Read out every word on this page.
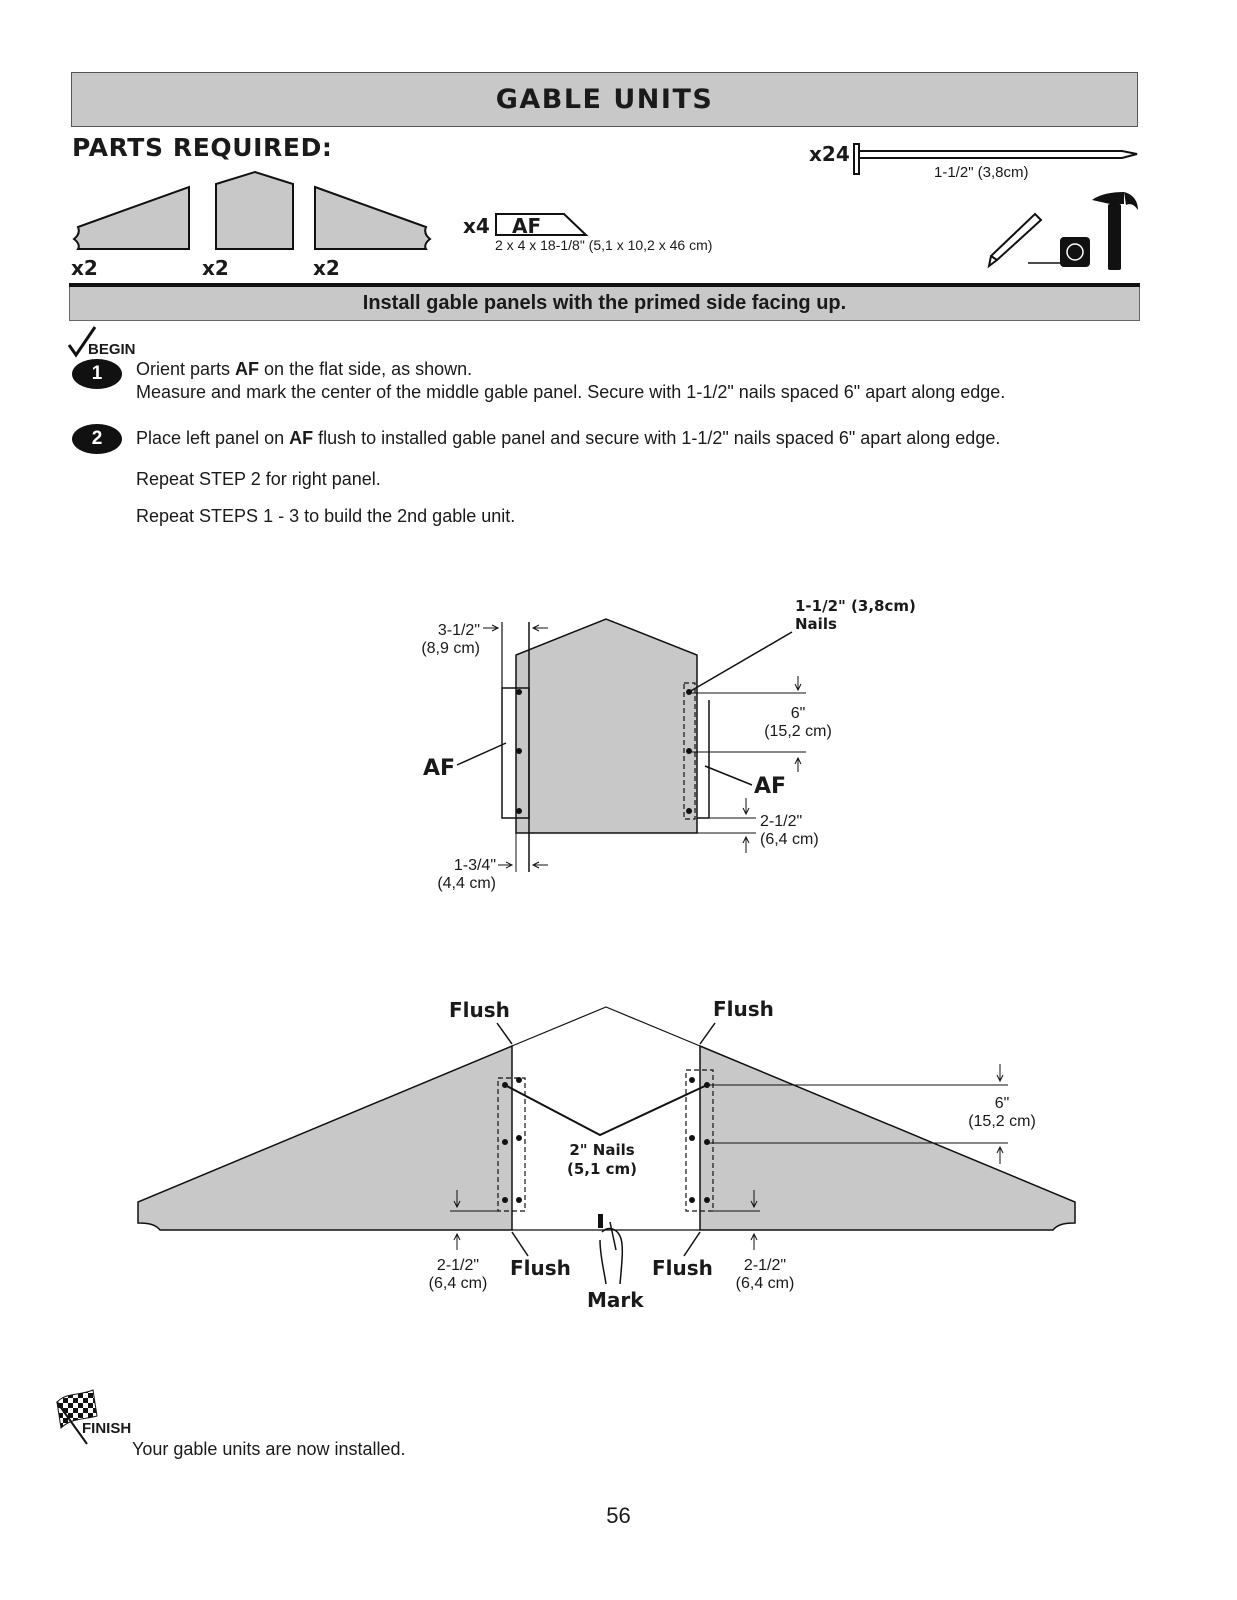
GABLE UNITS
PARTS REQUIRED:
x2	x2	x2
x4 AF
2 x 4 x 18-1/8" (5,1 x 10,2 x 46 cm)
x24
1-1/2" (3,8cm)
Install gable panels with the primed side facing up.
BEGIN
1 Orient parts AF on the flat side, as shown.
Measure and mark the center of the middle gable panel. Secure with 1-1/2" nails spaced 6" apart along edge.
2 Place left panel on AF flush to installed gable panel and secure with 1-1/2" nails spaced 6" apart along edge.
Repeat STEP 2 for right panel.
Repeat STEPS 1 - 3 to build the 2nd gable unit.
3-1/2"
(8,9 cm)
1-1/2" (3,8cm)
Nails
AF
AF
6"
(15,2 cm)
2-1/2"
(6,4 cm)
1-3/4"
(4,4 cm)
Flush	Flush
Flush	Flush
2" Nails
(5,1 cm)
6"
(15,2 cm)
2-1/2"
(6,4 cm)
2-1/2"
(6,4 cm)
Mark
FINISH
Your gable units are now installed.
56
